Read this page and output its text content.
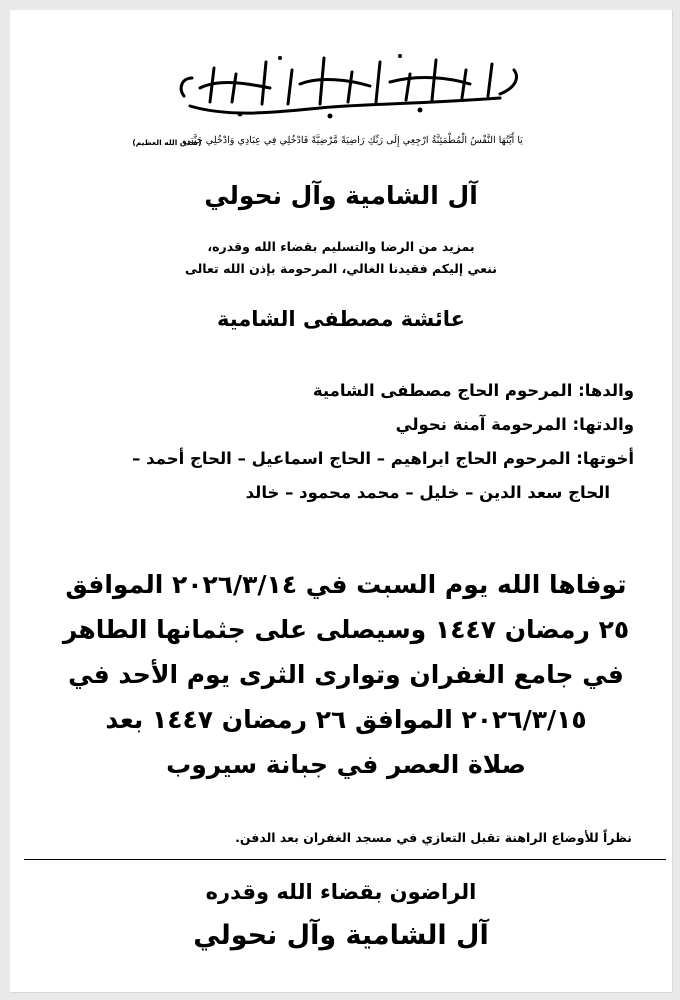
يَا أَيَّتُهَا النَّفْسُ الْمُطْمَئِنَّةُ ارْجِعِي إِلَى رَبِّكِ رَاضِيَةً مَّرْضِيَّةً فَادْخُلِي فِي عِبَادِي وَادْخُلِي جَنَّتِي
(صدق الله العظيم)
آل الشامية وآل نحولي
بمزيد من الرضا والتسليم بقضاء الله وقدره،
ننعي إليكم فقيدنا الغالي، المرحومة بإذن الله تعالى
عائشة مصطفى الشامية
والدها: المرحوم الحاج مصطفى الشامية
والدتها: المرحومة آمنة نحولي
أخوتها: المرحوم الحاج ابراهيم – الحاج اسماعيل – الحاج أحمد –
الحاج سعد الدين – خليل – محمد محمود – خالد
توفاها الله يوم السبت في ٢٠٢٦/٣/١٤ الموافق
٢٥ رمضان ١٤٤٧ وسيصلى على جثمانها الطاهر
في جامع الغفران وتوارى الثرى يوم الأحد في
٢٠٢٦/٣/١٥ الموافق ٢٦ رمضان ١٤٤٧ بعد
صلاة العصر في جبانة سيروب
نظراً للأوضاع الراهنة تقبل التعازي في مسجد الغفران بعد الدفن.
الراضون بقضاء الله وقدره
آل الشامية وآل نحولي
